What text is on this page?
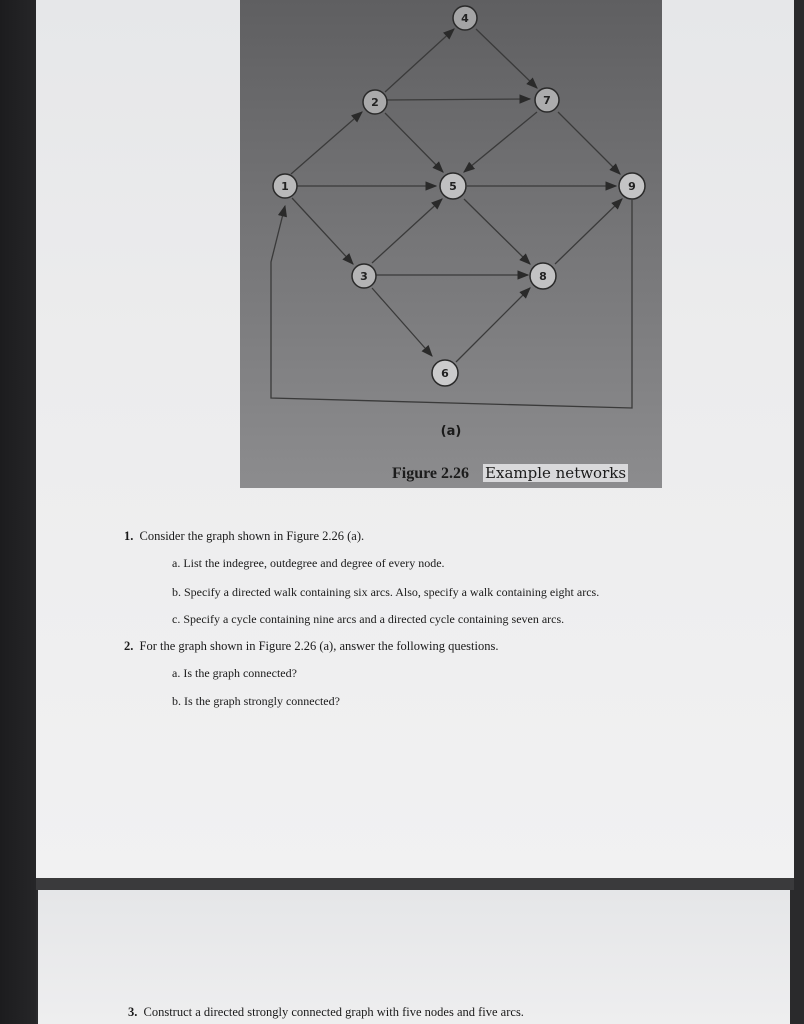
1
2
3
4
5
6
7
8
9
(a)
Figure 2.26 Example networks
1. Consider the graph shown in Figure 2.26 (a).
a. List the indegree, outdegree and degree of every node.
b. Specify a directed walk containing six arcs. Also, specify a walk containing eight arcs.
c. Specify a cycle containing nine arcs and a directed cycle containing seven arcs.
2. For the graph shown in Figure 2.26 (a), answer the following questions.
a. Is the graph connected?
b. Is the graph strongly connected?
3. Construct a directed strongly connected graph with five nodes and five arcs.
